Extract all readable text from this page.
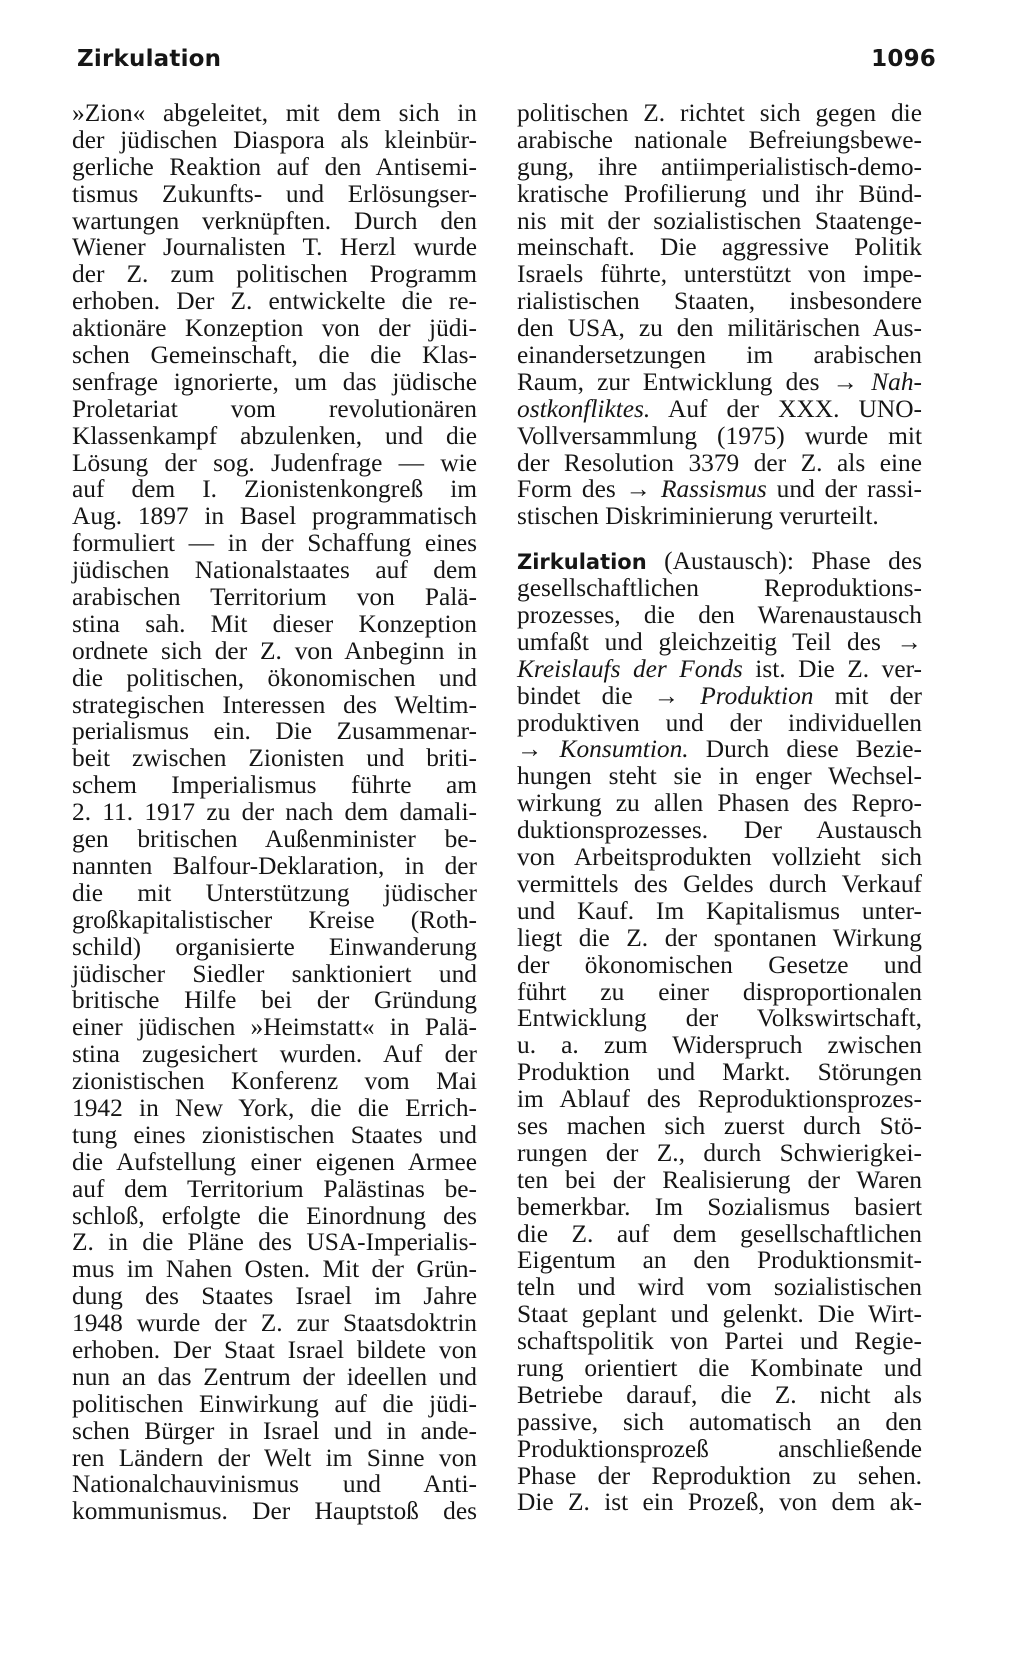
Zirkulation	1096
»Zion« abgeleitet, mit dem sich in
der jüdischen Diaspora als kleinbür-
gerliche Reaktion auf den Antisemi-
tismus Zukunfts- und Erlösungser-
wartungen verknüpften. Durch den
Wiener Journalisten T. Herzl wurde
der Z. zum politischen Programm
erhoben. Der Z. entwickelte die re-
aktionäre Konzeption von der jüdi-
schen Gemeinschaft, die die Klas-
senfrage ignorierte, um das jüdische
Proletariat vom revolutionären
Klassenkampf abzulenken, und die
Lösung der sog. Judenfrage — wie
auf dem I. Zionistenkongreß im
Aug. 1897 in Basel programmatisch
formuliert — in der Schaffung eines
jüdischen Nationalstaates auf dem
arabischen Territorium von Palä-
stina sah. Mit dieser Konzeption
ordnete sich der Z. von Anbeginn in
die politischen, ökonomischen und
strategischen Interessen des Weltim-
perialismus ein. Die Zusammenar-
beit zwischen Zionisten und briti-
schem Imperialismus führte am
2. 11. 1917 zu der nach dem damali-
gen britischen Außenminister be-
nannten Balfour-Deklaration, in der
die mit Unterstützung jüdischer
großkapitalistischer Kreise (Roth-
schild) organisierte Einwanderung
jüdischer Siedler sanktioniert und
britische Hilfe bei der Gründung
einer jüdischen »Heimstatt« in Palä-
stina zugesichert wurden. Auf der
zionistischen Konferenz vom Mai
1942 in New York, die die Errich-
tung eines zionistischen Staates und
die Aufstellung einer eigenen Armee
auf dem Territorium Palästinas be-
schloß, erfolgte die Einordnung des
Z. in die Pläne des USA-Imperialis-
mus im Nahen Osten. Mit der Grün-
dung des Staates Israel im Jahre
1948 wurde der Z. zur Staatsdoktrin
erhoben. Der Staat Israel bildete von
nun an das Zentrum der ideellen und
politischen Einwirkung auf die jüdi-
schen Bürger in Israel und in ande-
ren Ländern der Welt im Sinne von
Nationalchauvinismus und Anti-
kommunismus. Der Hauptstoß des
politischen Z. richtet sich gegen die
arabische nationale Befreiungsbewe-
gung, ihre antiimperialistisch-demo-
kratische Profilierung und ihr Bünd-
nis mit der sozialistischen Staatenge-
meinschaft. Die aggressive Politik
Israels führte, unterstützt von impe-
rialistischen Staaten, insbesondere
den USA, zu den militärischen Aus-
einandersetzungen im arabischen
Raum, zur Entwicklung des → Nah-
ostkonfliktes. Auf der XXX. UNO-
Vollversammlung (1975) wurde mit
der Resolution 3379 der Z. als eine
Form des → Rassismus und der rassi-
stischen Diskriminierung verurteilt.
Zirkulation (Austausch): Phase des
gesellschaftlichen Reproduktions-
prozesses, die den Warenaustausch
umfaßt und gleichzeitig Teil des →
Kreislaufs der Fonds ist. Die Z. ver-
bindet die → Produktion mit der
produktiven und der individuellen
→ Konsumtion. Durch diese Bezie-
hungen steht sie in enger Wechsel-
wirkung zu allen Phasen des Repro-
duktionsprozesses. Der Austausch
von Arbeitsprodukten vollzieht sich
vermittels des Geldes durch Verkauf
und Kauf. Im Kapitalismus unter-
liegt die Z. der spontanen Wirkung
der ökonomischen Gesetze und
führt zu einer disproportionalen
Entwicklung der Volkswirtschaft,
u. a. zum Widerspruch zwischen
Produktion und Markt. Störungen
im Ablauf des Reproduktionsprozes-
ses machen sich zuerst durch Stö-
rungen der Z., durch Schwierigkei-
ten bei der Realisierung der Waren
bemerkbar. Im Sozialismus basiert
die Z. auf dem gesellschaftlichen
Eigentum an den Produktionsmit-
teln und wird vom sozialistischen
Staat geplant und gelenkt. Die Wirt-
schaftspolitik von Partei und Regie-
rung orientiert die Kombinate und
Betriebe darauf, die Z. nicht als
passive, sich automatisch an den
Produktionsprozeß anschließende
Phase der Reproduktion zu sehen.
Die Z. ist ein Prozeß, von dem ak-
